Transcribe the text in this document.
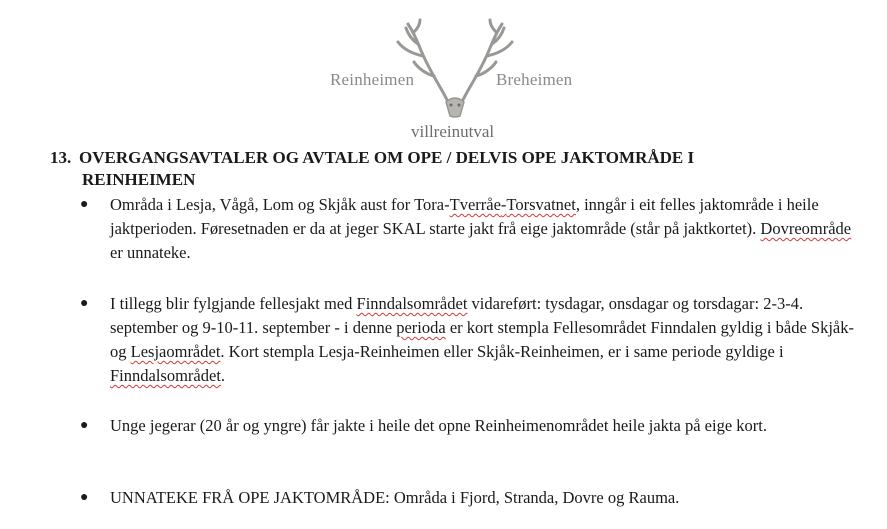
Reinheimen	Breheimen
villreinutval
13. OVERGANGSAVTALER OG AVTALE OM OPE / DELVIS OPE JAKTOMRÅDE I
REINHEIMEN
●	Områda i Lesja, Vågå, Lom og Skjåk aust for Tora-Tverråe-Torsvatnet, inngår i eit felles jaktområde i heile jaktperioden. Føresetnaden er da at jeger SKAL starte jakt frå eige jaktområde (står på jaktkortet). Dovreområde er unnateke.
●	I tillegg blir fylgjande fellesjakt med Finndalsområdet vidareført: tysdagar, onsdagar og torsdagar: 2-3-4. september og 9-10-11. september - i denne perioda er kort stempla Fellesområdet Finndalen gyldig i både Skjåk- og Lesjaområdet. Kort stempla Lesja-Reinheimen eller Skjåk-Reinheimen, er i same periode gyldige i Finndalsområdet.
●	Unge jegerar (20 år og yngre) får jakte i heile det opne Reinheimenområdet heile jakta på eige kort.
●	UNNATEKE FRÅ OPE JAKTOMRÅDE: Områda i Fjord, Stranda, Dovre og Rauma.
